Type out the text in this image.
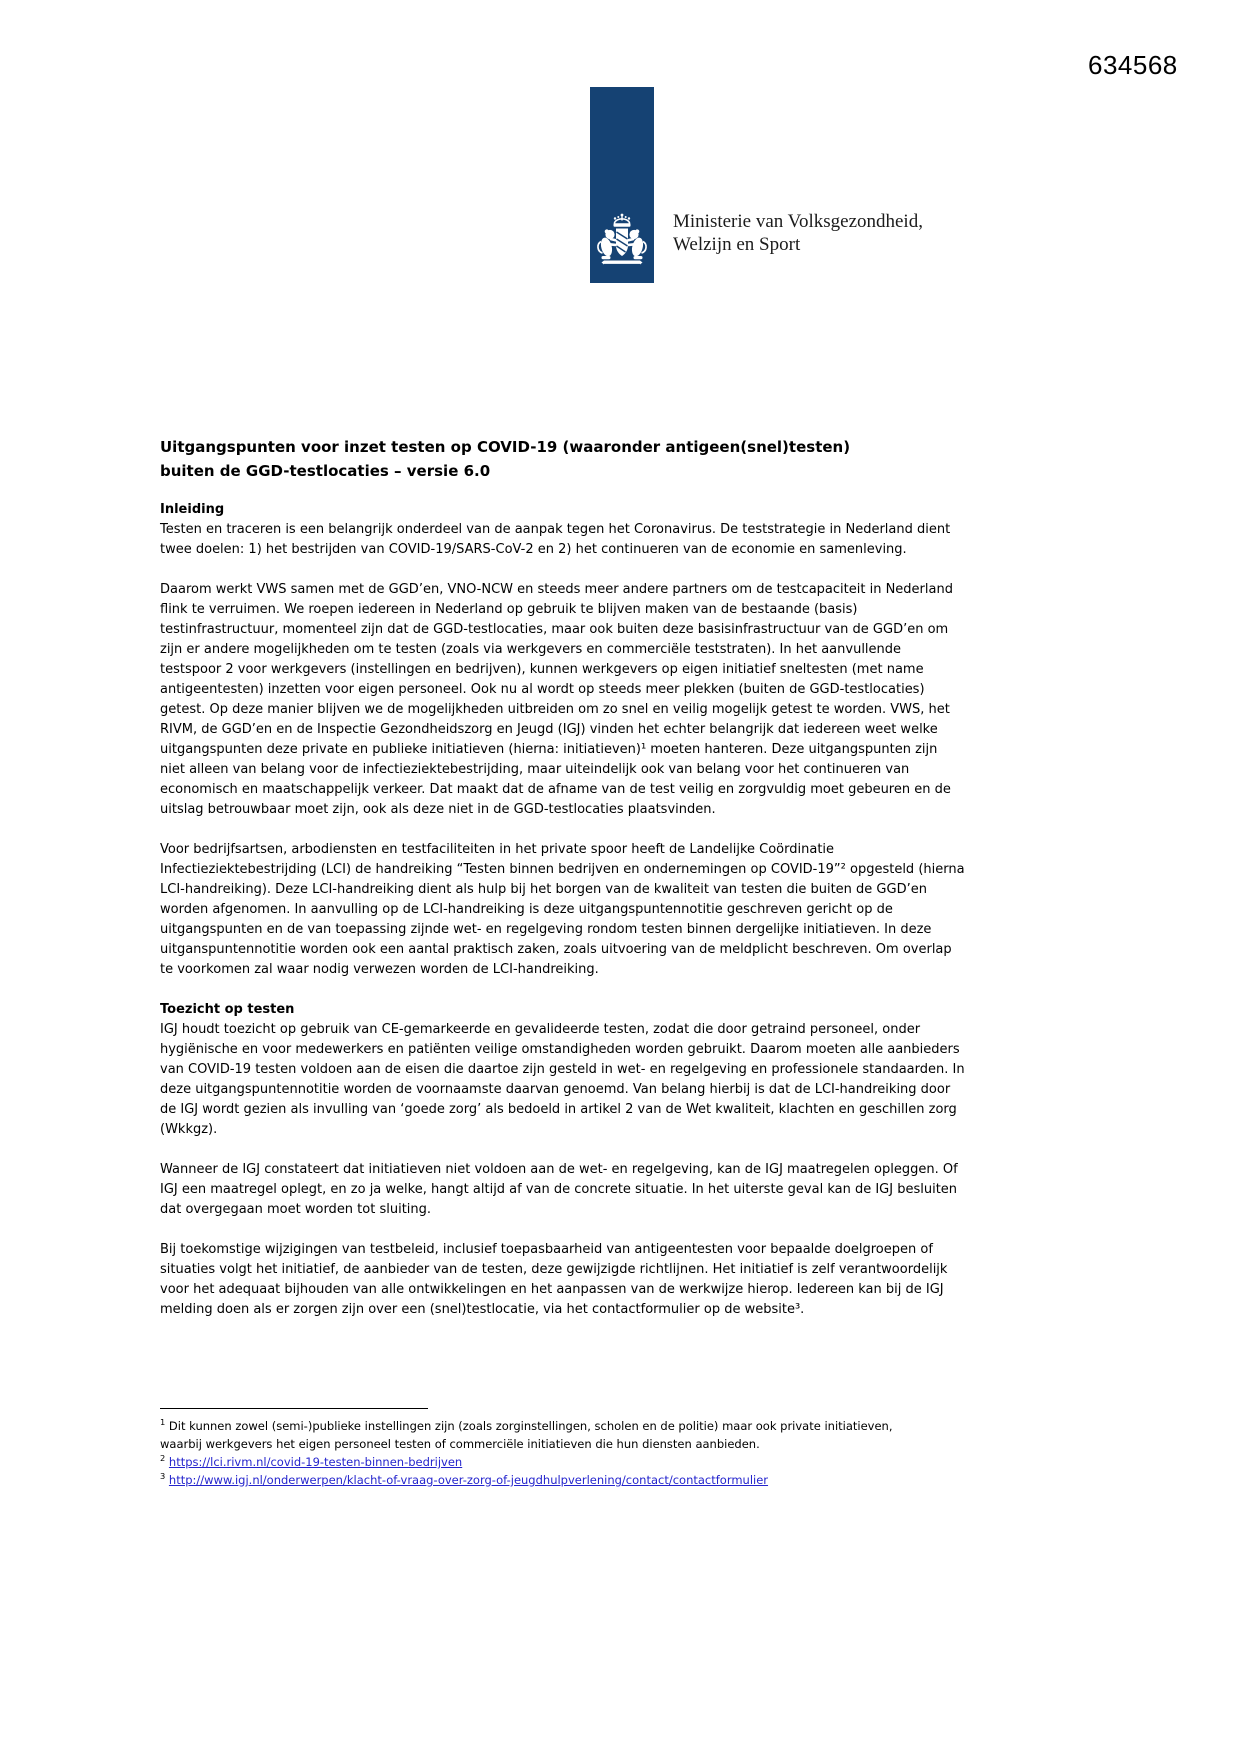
634568
Ministerie van Volksgezondheid,
Welzijn en Sport
Uitgangspunten voor inzet testen op COVID-19 (waaronder antigeen(snel)testen)
buiten de GGD-testlocaties – versie 6.0
Inleiding

Testen en traceren is een belangrijk onderdeel van de aanpak tegen het Coronavirus. De teststrategie in Nederland dient twee doelen: 1) het bestrijden van COVID-19/SARS-CoV-2 en 2) het continueren van de economie en samenleving.

Daarom werkt VWS samen met de GGD’en, VNO-NCW en steeds meer andere partners om de testcapaciteit in Nederland flink te verruimen. We roepen iedereen in Nederland op gebruik te blijven maken van de bestaande (basis) testinfrastructuur, momenteel zijn dat de GGD-testlocaties, maar ook buiten deze basisinfrastructuur van de GGD’en om zijn er andere mogelijkheden om te testen (zoals via werkgevers en commerciële teststraten). In het aanvullende testspoor 2 voor werkgevers (instellingen en bedrijven), kunnen werkgevers op eigen initiatief sneltesten (met name antigeentesten) inzetten voor eigen personeel. Ook nu al wordt op steeds meer plekken (buiten de GGD-testlocaties) getest. Op deze manier blijven we de mogelijkheden uitbreiden om zo snel en veilig mogelijk getest te worden. VWS, het RIVM, de GGD’en en de Inspectie Gezondheidszorg en Jeugd (IGJ) vinden het echter belangrijk dat iedereen weet welke uitgangspunten deze private en publieke initiatieven (hierna: initiatieven)¹ moeten hanteren. Deze uitgangspunten zijn niet alleen van belang voor de infectieziektebestrijding, maar uiteindelijk ook van belang voor het continueren van economisch en maatschappelijk verkeer. Dat maakt dat de afname van de test veilig en zorgvuldig moet gebeuren en de uitslag betrouwbaar moet zijn, ook als deze niet in de GGD-testlocaties plaatsvinden.

Voor bedrijfsartsen, arbodiensten en testfaciliteiten in het private spoor heeft de Landelijke Coördinatie Infectieziektebestrijding (LCI) de handreiking “Testen binnen bedrijven en ondernemingen op COVID-19”² opgesteld (hierna LCI-handreiking). Deze LCI-handreiking dient als hulp bij het borgen van de kwaliteit van testen die buiten de GGD’en worden afgenomen. In aanvulling op de LCI-handreiking is deze uitgangspuntennotitie geschreven gericht op de uitgangspunten en de van toepassing zijnde wet- en regelgeving rondom testen binnen dergelijke initiatieven. In deze uitganspuntennotitie worden ook een aantal praktisch zaken, zoals uitvoering van de meldplicht beschreven. Om overlap te voorkomen zal waar nodig verwezen worden de LCI-handreiking.

Toezicht op testen

IGJ houdt toezicht op gebruik van CE-gemarkeerde en gevalideerde testen, zodat die door getraind personeel, onder hygiënische en voor medewerkers en patiënten veilige omstandigheden worden gebruikt. Daarom moeten alle aanbieders van COVID-19 testen voldoen aan de eisen die daartoe zijn gesteld in wet- en regelgeving en professionele standaarden. In deze uitgangspuntennotitie worden de voornaamste daarvan genoemd. Van belang hierbij is dat de LCI-handreiking door de IGJ wordt gezien als invulling van ‘goede zorg’ als bedoeld in artikel 2 van de Wet kwaliteit, klachten en geschillen zorg (Wkkgz).

Wanneer de IGJ constateert dat initiatieven niet voldoen aan de wet- en regelgeving, kan de IGJ maatregelen opleggen. Of IGJ een maatregel oplegt, en zo ja welke, hangt altijd af van de concrete situatie. In het uiterste geval kan de IGJ besluiten dat overgegaan moet worden tot sluiting.

Bij toekomstige wijzigingen van testbeleid, inclusief toepasbaarheid van antigeentesten voor bepaalde doelgroepen of situaties volgt het initiatief, de aanbieder van de testen, deze gewijzigde richtlijnen. Het initiatief is zelf verantwoordelijk voor het adequaat bijhouden van alle ontwikkelingen en het aanpassen van de werkwijze hierop. Iedereen kan bij de IGJ melding doen als er zorgen zijn over een (snel)testlocatie, via het contactformulier op de website³.

$^1$ Dit kunnen zowel (semi-)publieke instellingen zijn (zoals zorginstellingen, scholen en de politie) maar ook private initiatieven, waarbij werkgevers het eigen personeel testen of commerciële initiatieven die hun diensten aanbieden.
$^2$ https://lci.rivm.nl/covid-19-testen-binnen-bedrijven
$^3$ http://www.igj.nl/onderwerpen/klacht-of-vraag-over-zorg-of-jeugdhulpverlening/contact/contactformulier
